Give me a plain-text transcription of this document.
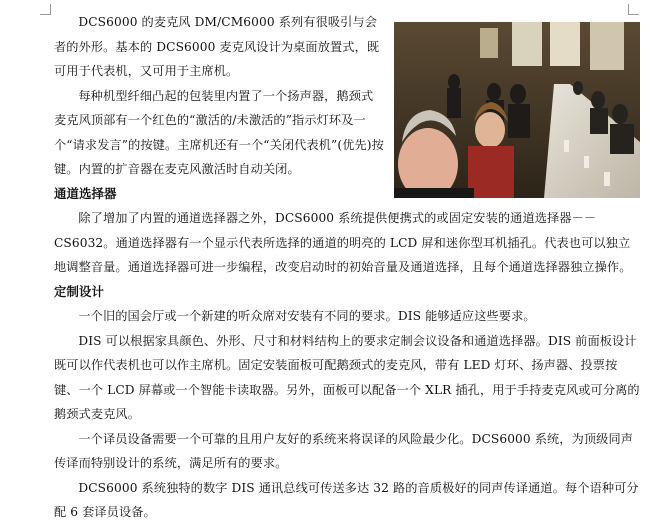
DCS6000 的麦克风 DM/CM6000 系列有很吸引与会者的外形。基本的 DCS6000 麦克风设计为桌面放置式，既可用于代表机，又可用于主席机。

每种机型纤细凸起的包装里内置了一个扬声器，鹅颈式麦克风顶部有一个红色的“激活的/未激活的”指示灯环及一个“请求发言”的按键。主席机还有一个“关闭代表机”(优先)按键。内置的扩音器在麦克风激活时自动关闭。

通道选择器

除了增加了内置的通道选择器之外，DCS6000 系统提供便携式的或固定安装的通道选择器－－CS6032。通道选择器有一个显示代表所选择的通道的明亮的 LCD 屏和迷你型耳机插孔。代表也可以独立地调整音量。通道选择器可进一步编程，改变启动时的初始音量及通道选择，且每个通道选择器独立操作。

定制设计

一个旧的国会厅或一个新建的听众席对安装有不同的要求。DIS 能够适应这些要求。

DIS 可以根据家具颜色、外形、尺寸和材料结构上的要求定制会议设备和通道选择器。DIS 前面板设计既可以作代表机也可以作主席机。固定安装面板可配鹅颈式的麦克风，带有 LED 灯环、扬声器、投票按键、一个 LCD 屏幕或一个智能卡读取器。另外，面板可以配备一个 XLR 插孔，用于手持麦克风或可分离的鹅颈式麦克风。

一个译员设备需要一个可靠的且用户友好的系统来将误译的风险最少化。DCS6000 系统，为顶级同声传译而特别设计的系统，满足所有的要求。

DCS6000 系统独特的数字 DIS 通讯总线可传送多达 32 路的音质极好的同声传译通道。每个语种可分配 6 套译员设备。
